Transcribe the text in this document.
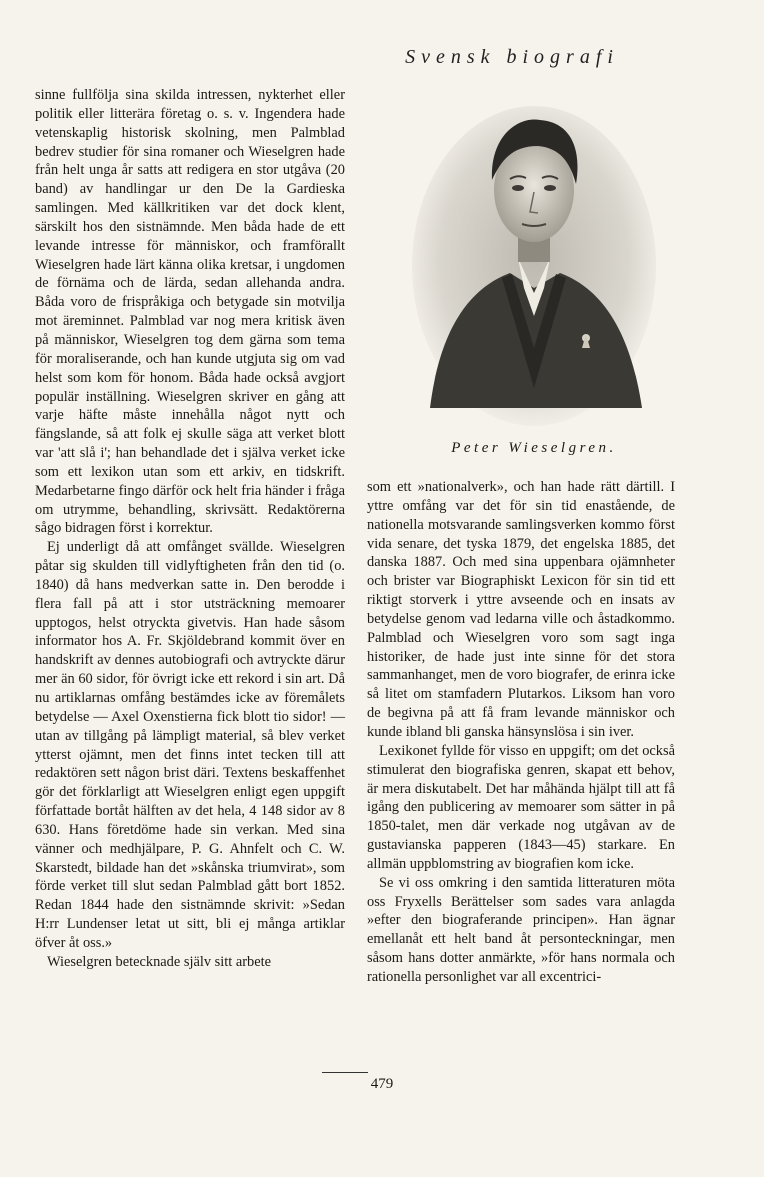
Svensk biografi

sinne fullfölja sina skilda intressen, nykterhet eller politik eller litterära företag o. s. v. Ingendera hade vetenskaplig historisk skolning, men Palmblad bedrev studier för sina romaner och Wieselgren hade från helt unga år satts att redigera en stor utgåva (20 band) av handlingar ur den De la Gardieska samlingen. Med källkritiken var det dock klent, särskilt hos den sistnämnde. Men båda hade de ett levande intresse för människor, och framförallt Wieselgren hade lärt känna olika kretsar, i ungdomen de förnäma och de lärda, sedan allehanda andra. Båda voro de frispråkiga och betygade sin motvilja mot äreminnet. Palmblad var nog mera kritisk även på människor, Wieselgren tog dem gärna som tema för moraliserande, och han kunde utgjuta sig om vad helst som kom för honom. Båda hade också avgjort populär inställning. Wieselgren skriver en gång att varje häfte måste innehålla något nytt och fängslande, så att folk ej skulle säga att verket blott var 'att slå i'; han behandlade det i själva verket icke som ett lexikon utan som ett arkiv, en tidskrift. Medarbetarne fingo därför ock helt fria händer i fråga om utrymme, behandling, skrivsätt. Redaktörerna sågo bidragen först i korrektur.

Ej underligt då att omfånget svällde. Wieselgren påtar sig skulden till vidlyftigheten från den tid (o. 1840) då hans medverkan satte in. Den berodde i flera fall på att i stor utsträckning memoarer upptogos, helst otryckta givetvis. Han hade såsom informator hos A. Fr. Skjöldebrand kommit över en handskrift av dennes autobiografi och avtryckte därur mer än 60 sidor, för övrigt icke ett rekord i sin art. Då nu artiklarnas omfång bestämdes icke av föremålets betydelse — Axel Oxenstierna fick blott tio sidor! — utan av tillgång på lämpligt material, så blev verket ytterst ojämnt, men det finns intet tecken till att redaktören sett någon brist däri. Textens beskaffenhet gör det förklarligt att Wieselgren enligt egen uppgift författade bortåt hälften av det hela, 4 148 sidor av 8 630. Hans företdöme hade sin verkan. Med sina vänner och medhjälpare, P. G. Ahnfelt och C. W. Skarstedt, bildade han det »skånska triumvirat», som förde verket till slut sedan Palmblad gått bort 1852. Redan 1844 hade den sistnämnde skrivit: »Sedan H:rr Lundenser letat ut sitt, bli ej många artiklar öfver åt oss.»

Wieselgren betecknade själv sitt arbete

Peter Wieselgren.

som ett »nationalverk», och han hade rätt därtill. I yttre omfång var det för sin tid enastående, de nationella motsvarande samlingsverken kommo först vida senare, det tyska 1879, det engelska 1885, det danska 1887. Och med sina uppenbara ojämnheter och brister var Biographiskt Lexicon för sin tid ett riktigt storverk i yttre avseende och en insats av betydelse genom vad ledarna ville och åstadkommo. Palmblad och Wieselgren voro som sagt inga historiker, de hade just inte sinne för det stora sammanhanget, men de voro biografer, de erinra icke så litet om stamfadern Plutarkos. Liksom han voro de begivna på att få fram levande människor och kunde ibland bli ganska hänsynslösa i sin iver.

Lexikonet fyllde för visso en uppgift; om det också stimulerat den biografiska genren, skapat ett behov, är mera diskutabelt. Det har måhända hjälpt till att få igång den publicering av memoarer som sätter in på 1850-talet, men där verkade nog utgåvan av de gustavianska papperen (1843—45) starkare. En allmän uppblomstring av biografien kom icke.

Se vi oss omkring i den samtida litteraturen möta oss Fryxells Berättelser som sades vara anlagda »efter den biograferande principen». Han ägnar emellanåt ett helt band åt personteckningar, men såsom hans dotter anmärkte, »för hans normala och rationella personlighet var all excentrici-

479
